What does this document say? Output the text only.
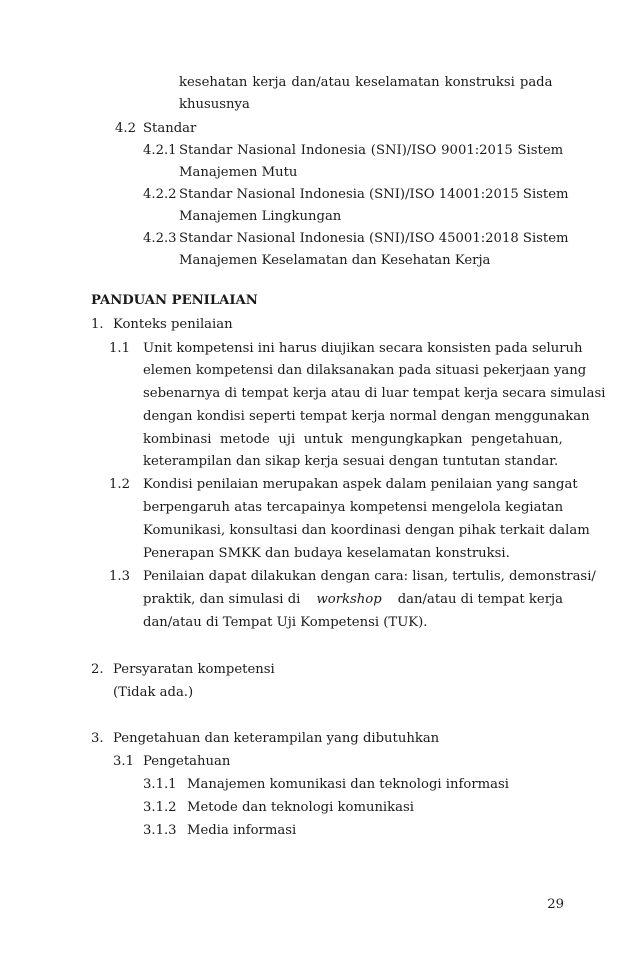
kesehatan kerja dan/atau keselamatan konstruksi pada
khususnya
4.2 Standar
4.2.1 Standar Nasional Indonesia (SNI)/ISO 9001:2015 Sistem
Manajemen Mutu
4.2.2 Standar Nasional Indonesia (SNI)/ISO 14001:2015 Sistem
Manajemen Lingkungan
4.2.3 Standar Nasional Indonesia (SNI)/ISO 45001:2018 Sistem
Manajemen Keselamatan dan Kesehatan Kerja
PANDUAN PENILAIAN
1. Konteks penilaian
1.1 Unit kompetensi ini harus diujikan secara konsisten pada seluruh
elemen kompetensi dan dilaksanakan pada situasi pekerjaan yang
sebenarnya di tempat kerja atau di luar tempat kerja secara simulasi
dengan kondisi seperti tempat kerja normal dengan menggunakan
kombinasi metode uji untuk mengungkapkan pengetahuan,
keterampilan dan sikap kerja sesuai dengan tuntutan standar.
1.2 Kondisi penilaian merupakan aspek dalam penilaian yang sangat
berpengaruh atas tercapainya kompetensi mengelola kegiatan
Komunikasi, konsultasi dan koordinasi dengan pihak terkait dalam
Penerapan SMKK dan budaya keselamatan konstruksi.
1.3 Penilaian dapat dilakukan dengan cara: lisan, tertulis, demonstrasi/
praktik, dan simulasi di workshop dan/atau di tempat kerja
dan/atau di Tempat Uji Kompetensi (TUK).
2. Persyaratan kompetensi
(Tidak ada.)
3. Pengetahuan dan keterampilan yang dibutuhkan
3.1 Pengetahuan
3.1.1 Manajemen komunikasi dan teknologi informasi
3.1.2 Metode dan teknologi komunikasi
3.1.3 Media informasi
29
